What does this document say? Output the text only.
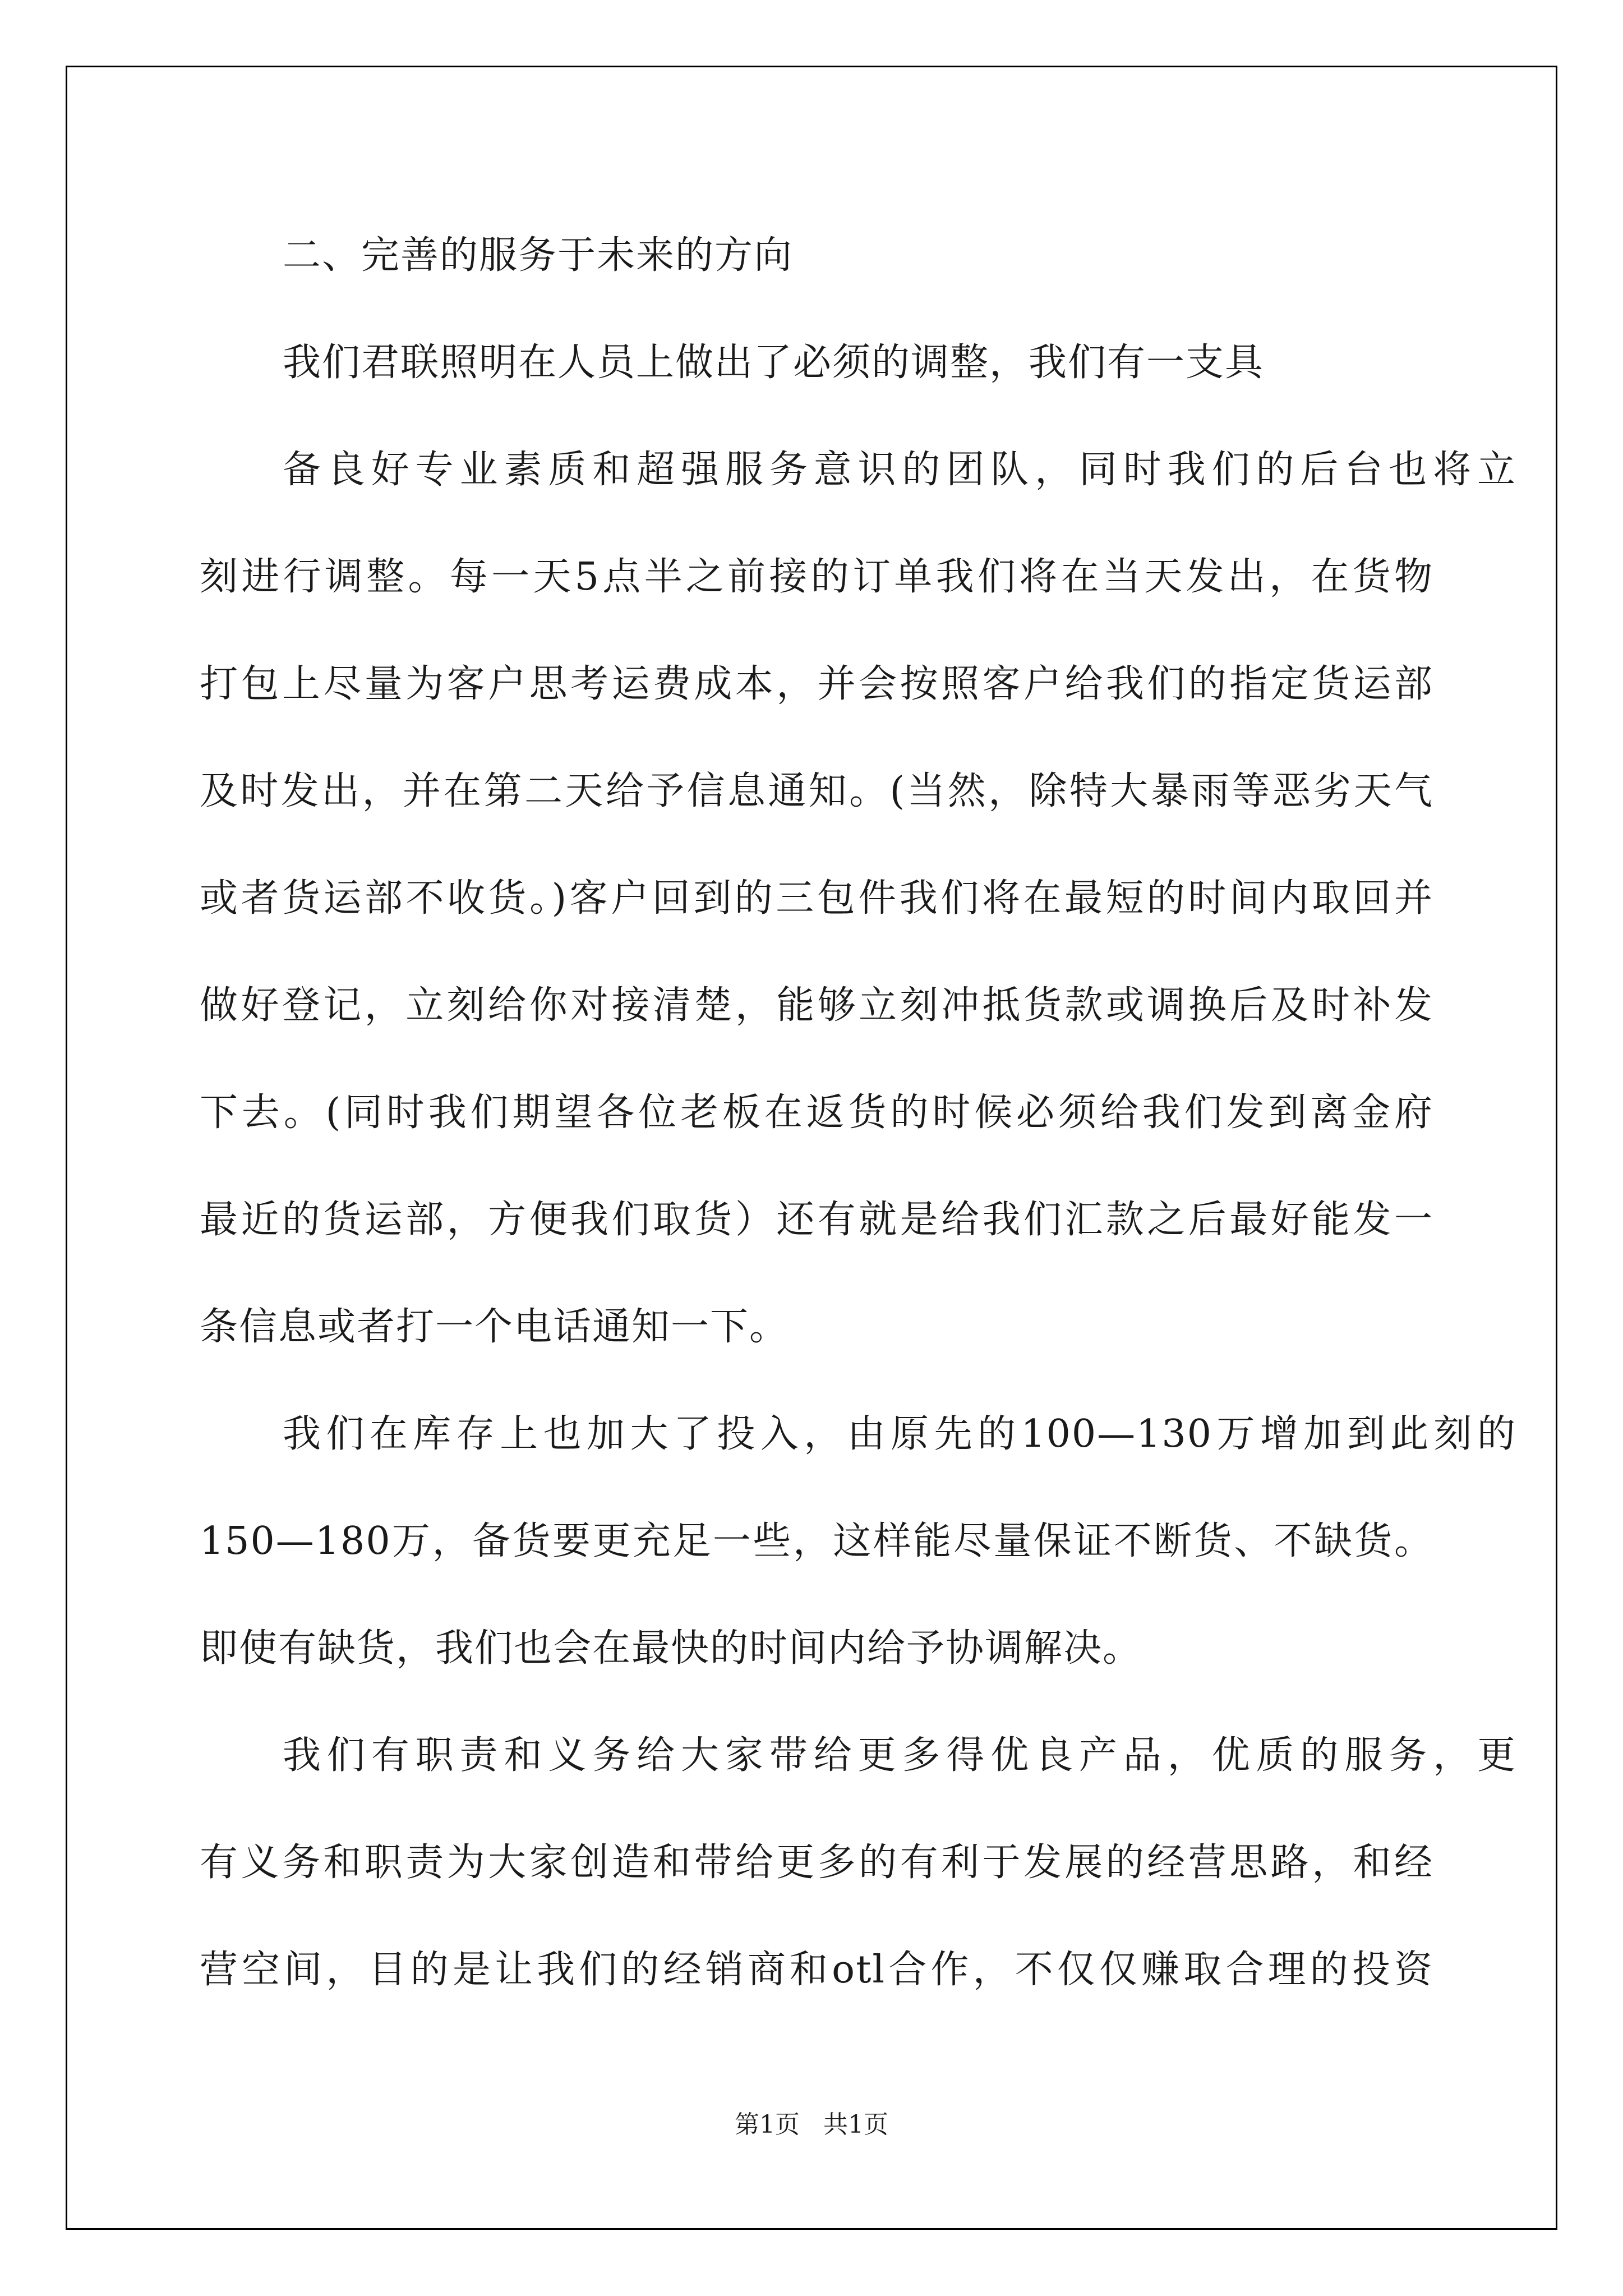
二、完善的服务于未来的方向
我们君联照明在人员上做出了必须的调整，我们有一支具
备良好专业素质和超强服务意识的团队，同时我们的后台也将立
刻进行调整。每一天5点半之前接的订单我们将在当天发出，在货物
打包上尽量为客户思考运费成本，并会按照客户给我们的指定货运部
及时发出，并在第二天给予信息通知。(当然，除特大暴雨等恶劣天气
或者货运部不收货。)客户回到的三包件我们将在最短的时间内取回并
做好登记，立刻给你对接清楚，能够立刻冲抵货款或调换后及时补发
下去。(同时我们期望各位老板在返货的时候必须给我们发到离金府
最近的货运部，方便我们取货）还有就是给我们汇款之后最好能发一
条信息或者打一个电话通知一下。
我们在库存上也加大了投入，由原先的100—130万增加到此刻的
150—180万，备货要更充足一些，这样能尽量保证不断货、不缺货。
即使有缺货，我们也会在最快的时间内给予协调解决。
我们有职责和义务给大家带给更多得优良产品，优质的服务，更
有义务和职责为大家创造和带给更多的有利于发展的经营思路，和经
营空间，目的是让我们的经销商和otl合作，不仅仅赚取合理的投资
第1页 共1页
